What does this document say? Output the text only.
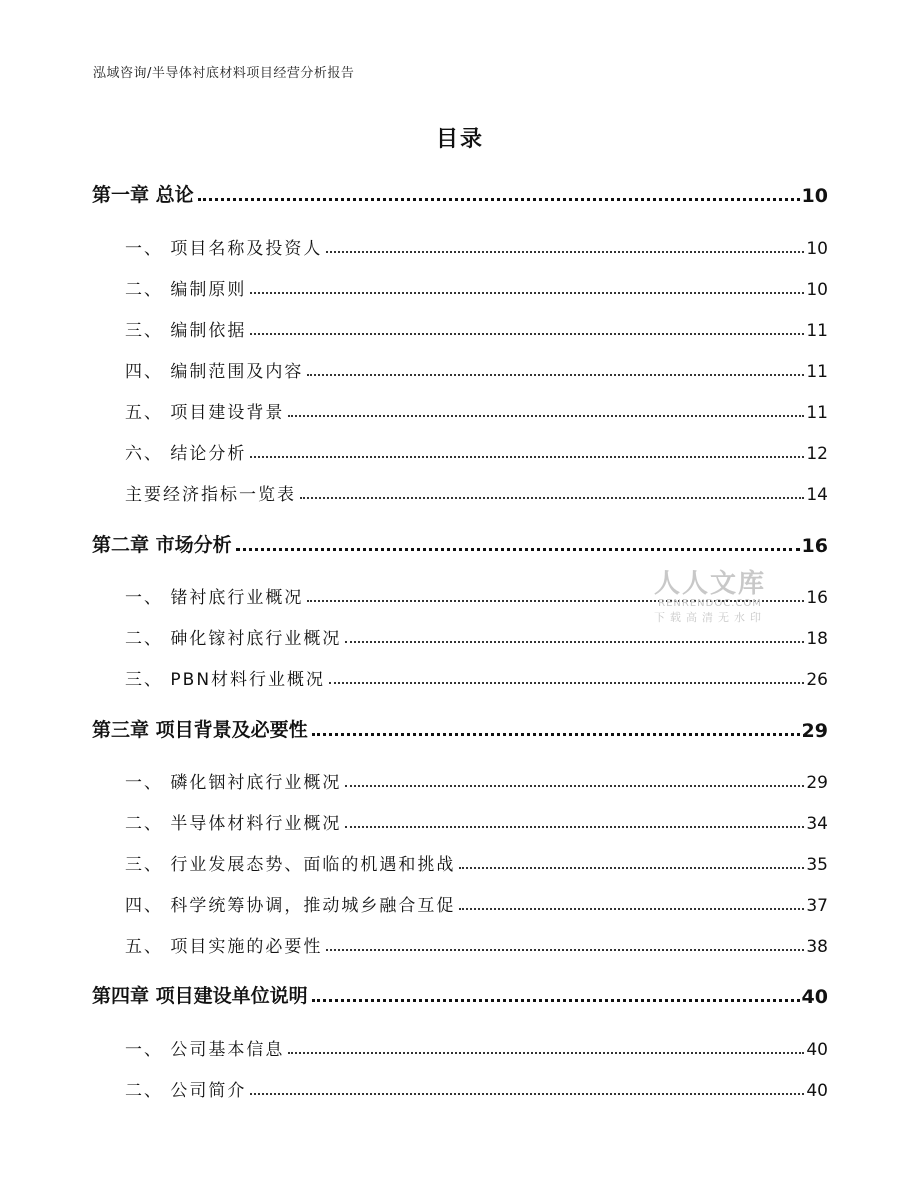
泓域咨询/半导体衬底材料项目经营分析报告
目录
第一章 总论	10
一、 项目名称及投资人	10
二、 编制原则	10
三、 编制依据	11
四、 编制范围及内容	11
五、 项目建设背景	11
六、 结论分析	12
主要经济指标一览表	14
第二章 市场分析	16
一、 锗衬底行业概况	16
二、 砷化镓衬底行业概况	18
三、 PBN材料行业概况	26
第三章 项目背景及必要性	29
一、 磷化铟衬底行业概况	29
二、 半导体材料行业概况	34
三、 行业发展态势、面临的机遇和挑战	35
四、 科学统筹协调，推动城乡融合互促	37
五、 项目实施的必要性	38
第四章 项目建设单位说明	40
一、 公司基本信息	40
二、 公司简介	40
人人文库
RENRENDOC.COM
下载高清无水印
